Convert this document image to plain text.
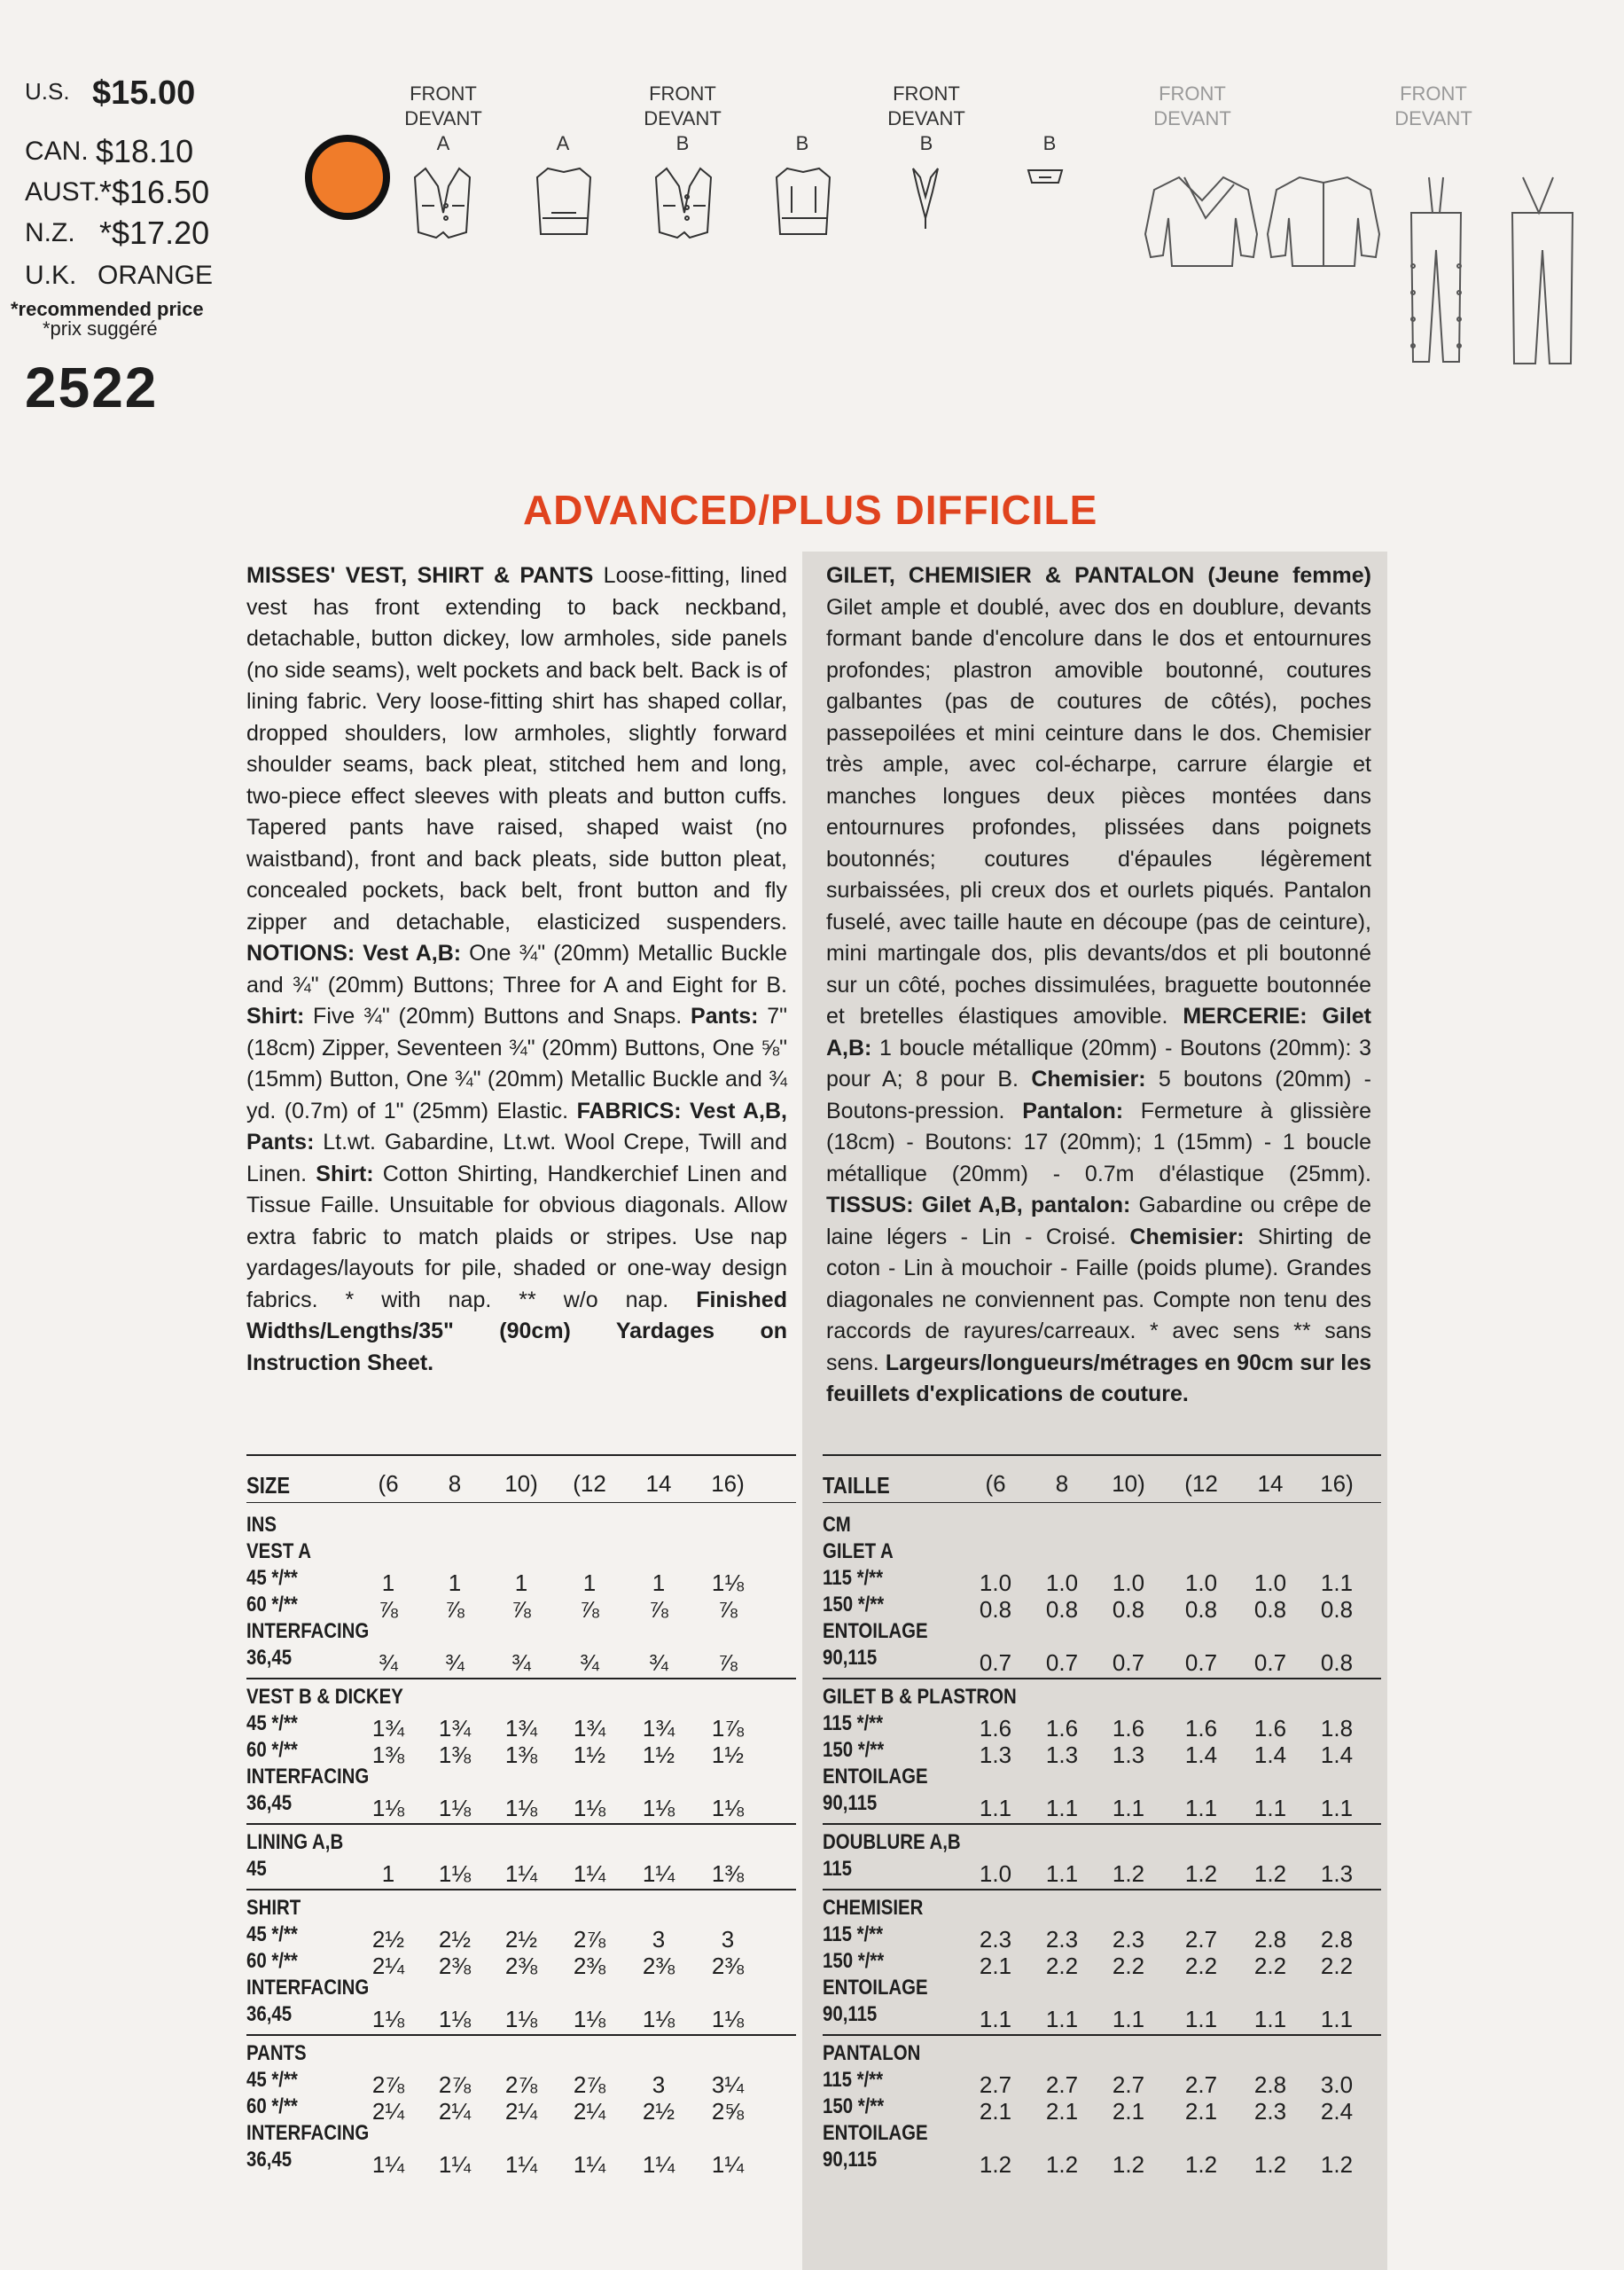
U.S. $15.00
CAN. $18.10
AUST.
*$16.50
N.Z. *$17.20
U.K. ORANGE
*recommended price
*prix suggéré
2522
FRONT
DEVANT
A

	A
FRONT
DEVANT
B

	B
FRONT
DEVANT
B

	B
FRONT
DEVANT
FRONT
DEVANT
ADVANCED/PLUS DIFFICILE
MISSES' VEST, SHIRT & PANTS Loose-fitting, lined vest has front extending to back neckband, detachable, button dickey, low armholes, side panels (no side seams), welt pockets and back belt. Back is of lining fabric. Very loose-fitting shirt has shaped collar, dropped shoulders, low armholes, slightly forward shoulder seams, back pleat, stitched hem and long, two-piece effect sleeves with pleats and button cuffs. Tapered pants have raised, shaped waist (no waistband), front and back pleats, side button pleat, concealed pockets, back belt, front button and fly zipper and detachable, elasticized suspenders. NOTIONS: Vest A,B: One ¾" (20mm) Metallic Buckle and ¾" (20mm) Buttons; Three for A and Eight for B. Shirt: Five ¾" (20mm) Buttons and Snaps. Pants: 7" (18cm) Zipper, Seventeen ¾" (20mm) Buttons, One ⅝" (15mm) Button, One ¾" (20mm) Metallic Buckle and ¾ yd. (0.7m) of 1" (25mm) Elastic. FABRICS: Vest A,B, Pants: Lt.wt. Gabardine, Lt.wt. Wool Crepe, Twill and Linen. Shirt: Cotton Shirting, Handkerchief Linen and Tissue Faille. Unsuitable for obvious diagonals. Allow extra fabric to match plaids or stripes. Use nap yardages/layouts for pile, shaded or one-way design fabrics. * with nap. ** w/o nap. Finished Widths/Lengths/35" (90cm) Yardages on Instruction Sheet.
GILET, CHEMISIER & PANTALON (Jeune femme) Gilet ample et doublé, avec dos en doublure, devants formant bande d'encolure dans le dos et entournures profondes; plastron amovible boutonné, coutures galbantes (pas de coutures de côtés), poches passepoilées et mini ceinture dans le dos. Chemisier très ample, avec col-écharpe, carrure élargie et manches longues deux pièces montées dans entournures profondes, plissées dans poignets boutonnés; coutures d'épaules légèrement surbaissées, pli creux dos et ourlets piqués. Pantalon fuselé, avec taille haute en découpe (pas de ceinture), mini martingale dos, plis devants/dos et pli boutonné sur un côté, poches dissimulées, braguette boutonnée et bretelles élastiques amovible. MERCERIE: Gilet A,B: 1 boucle métallique (20mm) - Boutons (20mm): 3 pour A; 8 pour B. Chemisier: 5 boutons (20mm) - Boutons-pression. Pantalon: Fermeture à glissière (18cm) - Boutons: 17 (20mm); 1 (15mm) - 1 boucle métallique (20mm) - 0.7m d'élastique (25mm). TISSUS: Gilet A,B, pantalon: Gabardine ou crêpe de laine légers - Lin - Croisé. Chemisier: Shirting de coton - Lin à mouchoir - Faille (poids plume). Grandes diagonales ne conviennent pas. Compte non tenu des raccords de rayures/carreaux. * avec sens ** sans sens. Largeurs/longueurs/métrages en 90cm sur les feuillets d'explications de couture.
SIZE	(6	8	10)	(12	14	16)
INS
VEST A
45 */**	1	1	1	1	1	1⅛
60 */**	⅞	⅞	⅞	⅞	⅞	⅞
INTERFACING
36,45	¾	¾	¾	¾	¾	⅞
VEST B & DICKEY
45 */**	1¾	1¾	1¾	1¾	1¾	1⅞
60 */**	1⅜	1⅜	1⅜	1½	1½	1½
INTERFACING
36,45	1⅛	1⅛	1⅛	1⅛	1⅛	1⅛
LINING A,B
45	1	1⅛	1¼	1¼	1¼	1⅜
SHIRT
45 */**	2½	2½	2½	2⅞	3	3
60 */**	2¼	2⅜	2⅜	2⅜	2⅜	2⅜
INTERFACING
36,45	1⅛	1⅛	1⅛	1⅛	1⅛	1⅛
PANTS
45 */**	2⅞	2⅞	2⅞	2⅞	3	3¼
60 */**	2¼	2¼	2¼	2¼	2½	2⅝
INTERFACING
36,45	1¼	1¼	1¼	1¼	1¼	1¼
TAILLE	(6	8	10)	(12	14	16)
CM
GILET A
115 */**	1.0	1.0	1.0	1.0	1.0	1.1
150 */**	0.8	0.8	0.8	0.8	0.8	0.8
ENTOILAGE
90,115	0.7	0.7	0.7	0.7	0.7	0.8
GILET B & PLASTRON
115 */**	1.6	1.6	1.6	1.6	1.6	1.8
150 */**	1.3	1.3	1.3	1.4	1.4	1.4
ENTOILAGE
90,115	1.1	1.1	1.1	1.1	1.1	1.1
DOUBLURE A,B
115	1.0	1.1	1.2	1.2	1.2	1.3
CHEMISIER
115 */**	2.3	2.3	2.3	2.7	2.8	2.8
150 */**	2.1	2.2	2.2	2.2	2.2	2.2
ENTOILAGE
90,115	1.1	1.1	1.1	1.1	1.1	1.1
PANTALON
115 */**	2.7	2.7	2.7	2.7	2.8	3.0
150 */**	2.1	2.1	2.1	2.1	2.3	2.4
ENTOILAGE
90,115	1.2	1.2	1.2	1.2	1.2	1.2
